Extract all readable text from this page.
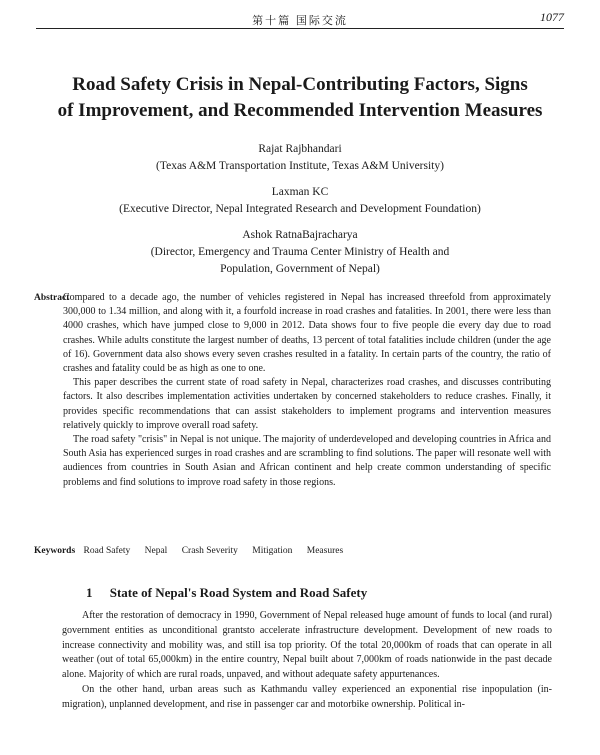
第十篇 国际交流	1077
Road Safety Crisis in Nepal-Contributing Factors, Signs
of Improvement, and Recommended Intervention Measures
Rajat Rajbhandari
(Texas A&M Transportation Institute, Texas A&M University)
Laxman KC
(Executive Director, Nepal Integrated Research and Development Foundation)
Ashok RatnaBajracharya
(Director, Emergency and Trauma Center Ministry of Health and
Population, Government of Nepal)
Abstract

Compared to a decade ago, the number of vehicles registered in Nepal has increased threefold from approximately 300,000 to 1.34 million, and along with it, a fourfold increase in road crashes and fatalities. In 2001, there were less than 4000 crashes, which have jumped close to 9,000 in 2012. Data shows four to five people die every day due to road crashes. While adults constitute the largest number of deaths, 13 percent of total fatalities include children (under the age of 16). Government data also shows every seven crashes resulted in a fatality. In certain parts of the country, the ratio of crashes and fatality could be as high as one to one.

This paper describes the current state of road safety in Nepal, characterizes road crashes, and discusses contributing factors. It also describes implementation activities undertaken by concerned stakeholders to reduce crashes. Finally, it provides specific recommendations that can assist stakeholders to implement programs and intervention measures relatively quickly to improve overall road safety.

The road safety "crisis" in Nepal is not unique. The majority of underdeveloped and developing countries in Africa and South Asia has experienced surges in road crashes and are scrambling to find solutions. The paper will resonate well with audiences from countries in South Asian and African continent and help create common understanding of specific problems and find solutions to improve road safety in those regions.

Keywords Road Safety Nepal Crash Severity Mitigation Measures
1 State of Nepal's Road System and Road Safety

After the restoration of democracy in 1990, Government of Nepal released huge amount of funds to local (and rural) government entities as unconditional grantsto accelerate infrastructure development. Development of new roads to increase connectivity and mobility was, and still isa top priority. Of the total 20,000km of roads that can operate in all weather (out of total 65,000km) in the entire country, Nepal built about 7,000km of roads nationwide in the past decade alone. Majority of which are rural roads, unpaved, and without adequate safety appurtenances.

On the other hand, urban areas such as Kathmandu valley experienced an exponential rise inpopulation (in-migration), unplanned development, and rise in passenger car and motorbike ownership. Political in-
